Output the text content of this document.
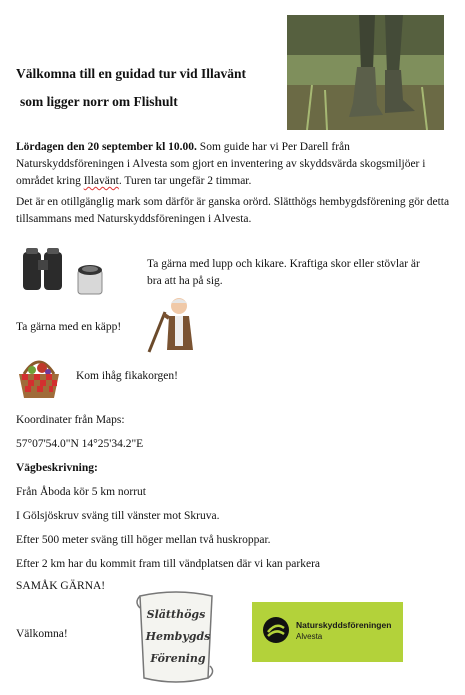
Välkomna till en guidad tur vid Illavänt
som ligger norr om Flishult
Lördagen den 20 september kl 10.00. Som guide har vi Per Darell från Naturskyddsföreningen i Alvesta som gjort en inventering av skyddsvärda skogsmiljöer i området kring Illavänt. Turen tar ungefär 2 timmar.
Det är en otillgänglig mark som därför är ganska orörd. Slätthögs hembygdsförening gör detta tillsammans med Naturskyddsföreningen i Alvesta.
Ta gärna med lupp och kikare. Kraftiga skor eller stövlar är bra att ha på sig.
Ta gärna med en käpp!
Kom ihåg fikakorgen!
Koordinater från Maps:
57°07'54.0"N 14°25'34.2"E
Vägbeskrivning:
Från Åboda kör 5 km norrut
I Gölsjöskruv sväng till vänster mot Skruva.
Efter 500 meter sväng till höger mellan två huskroppar.
Efter 2 km har du kommit fram till vändplatsen där vi kan parkera
SAMÅK GÄRNA!
Välkomna!
Slätthögs
Hembygds
Förening
Naturskyddsföreningen
Alvesta
